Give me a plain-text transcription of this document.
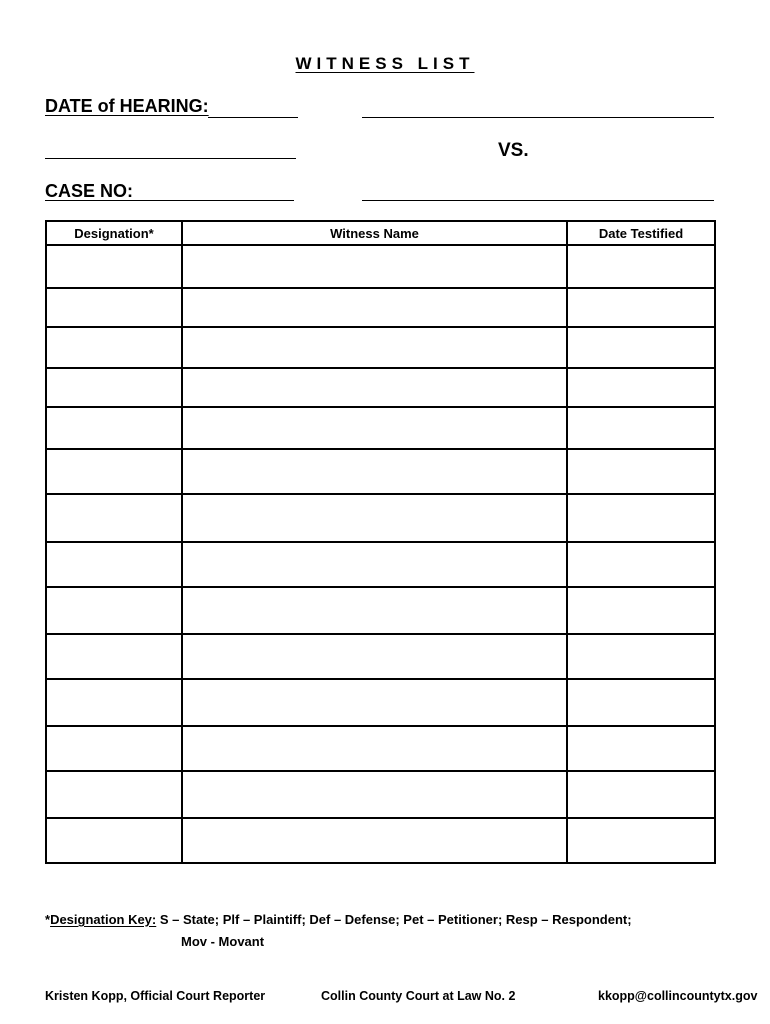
WITNESS LIST
DATE of HEARING:
VS.
CASE NO:
Designation*	Witness Name	Date Testified

*Designation Key: S – State; Plf – Plaintiff; Def – Defense; Pet – Petitioner; Resp – Respondent;
Mov - Movant
Kristen Kopp, Official Court Reporter	Collin County Court at Law No. 2	kkopp@collincountytx.gov
